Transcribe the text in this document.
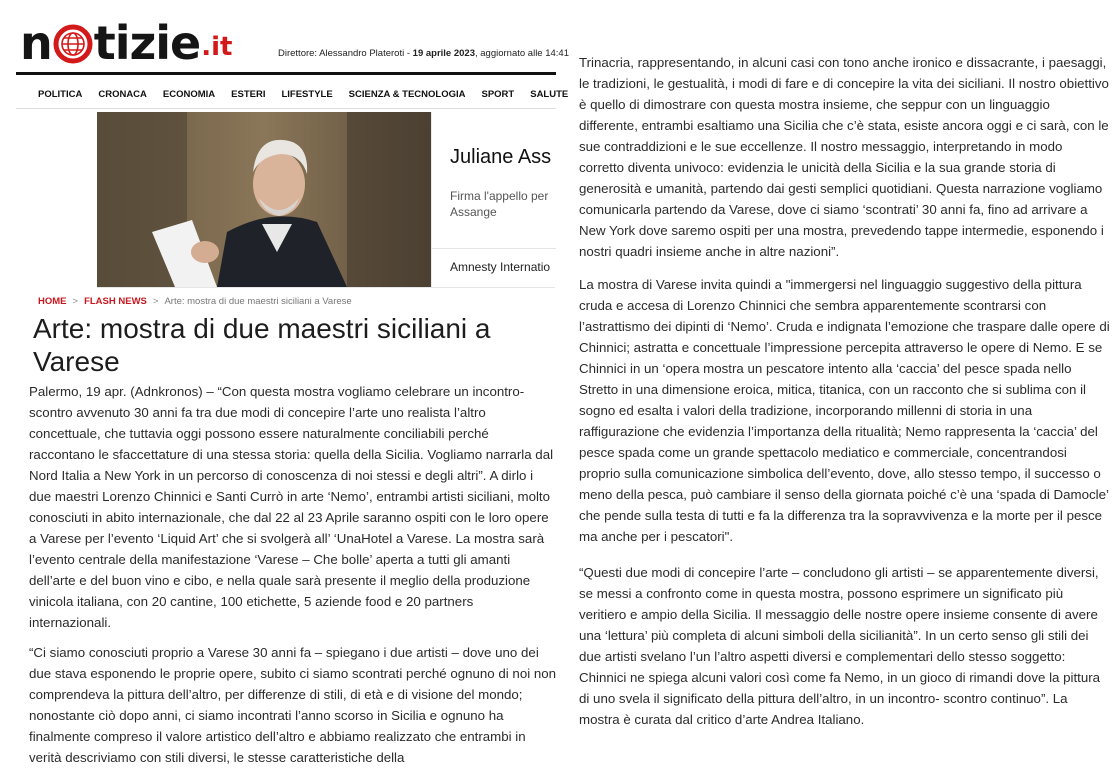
n tizie .it	Direttore: Alessandro Plateroti - 19 aprile 2023, aggiornato alle 14:41
POLITICA CRONACA ECONOMIA ESTERI LIFESTYLE SCIENZA & TECNOLOGIA SPORT SALUTE
Juliane Ass
Firma l'appello per
Assange
Amnesty Internatio
HOME > FLASH NEWS > Arte: mostra di due maestri siciliani a Varese
Arte: mostra di due maestri siciliani a Varese

Palermo, 19 apr. (Adnkronos) – “Con questa mostra vogliamo celebrare un incontro-scontro avvenuto 30 anni fa tra due modi di concepire l’arte uno realista l’altro concettuale, che tuttavia oggi possono essere naturalmente conciliabili perché raccontano le sfaccettature di una stessa storia: quella della Sicilia. Vogliamo narrarla dal Nord Italia a New York in un percorso di conoscenza di noi stessi e degli altri”. A dirlo i due maestri Lorenzo Chinnici e Santi Currò in arte ‘Nemo’, entrambi artisti siciliani, molto conosciuti in abito internazionale, che dal 22 al 23 Aprile saranno ospiti con le loro opere a Varese per l’evento ‘Liquid Art’ che si svolgerà all’ ‘UnaHotel a Varese. La mostra sarà l’evento centrale della manifestazione ‘Varese – Che bolle’ aperta a tutti gli amanti dell’arte e del buon vino e cibo, e nella quale sarà presente il meglio della produzione vinicola italiana, con 20 cantine, 100 etichette, 5 aziende food e 20 partners internazionali.

“Ci siamo conosciuti proprio a Varese 30 anni fa – spiegano i due artisti – dove uno dei due stava esponendo le proprie opere, subito ci siamo scontrati perché ognuno di noi non comprendeva la pittura dell’altro, per differenze di stili, di età e di visione del mondo; nonostante ciò dopo anni, ci siamo incontrati l’anno scorso in Sicilia e ognuno ha finalmente compreso il valore artistico dell’altro e abbiamo realizzato che entrambi in verità descriviamo con stili diversi, le stesse caratteristiche della

Trinacria, rappresentando, in alcuni casi con tono anche ironico e dissacrante, i paesaggi, le tradizioni, le gestualità, i modi di fare e di concepire la vita dei siciliani. Il nostro obiettivo è quello di dimostrare con questa mostra insieme, che seppur con un linguaggio differente, entrambi esaltiamo una Sicilia che c’è stata, esiste ancora oggi e ci sarà, con le sue contraddizioni e le sue eccellenze. Il nostro messaggio, interpretando in modo corretto diventa univoco: evidenzia le unicità della Sicilia e la sua grande storia di generosità e umanità, partendo dai gesti semplici quotidiani. Questa narrazione vogliamo comunicarla partendo da Varese, dove ci siamo ‘scontrati’ 30 anni fa, fino ad arrivare a New York dove saremo ospiti per una mostra, prevedendo tappe intermedie, esponendo i nostri quadri insieme anche in altre nazioni”.

La mostra di Varese invita quindi a "immergersi nel linguaggio suggestivo della pittura cruda e accesa di Lorenzo Chinnici che sembra apparentemente scontrarsi con l’astrattismo dei dipinti di ‘Nemo’. Cruda e indignata l’emozione che traspare dalle opere di Chinnici; astratta e concettuale l’impressione percepita attraverso le opere di Nemo. E se Chinnici in un ‘opera mostra un pescatore intento alla ‘caccia’ del pesce spada nello Stretto in una dimensione eroica, mitica, titanica, con un racconto che si sublima con il sogno ed esalta i valori della tradizione, incorporando millenni di storia in una raffigurazione che evidenzia l’importanza della ritualità; Nemo rappresenta la ‘caccia’ del pesce spada come un grande spettacolo mediatico e commerciale, concentrandosi proprio sulla comunicazione simbolica dell’evento, dove, allo stesso tempo, il successo o meno della pesca, può cambiare il senso della giornata poiché c’è una ‘spada di Damocle’ che pende sulla testa di tutti e fa la differenza tra la sopravvivenza e la morte per il pesce ma anche per i pescatori".

“Questi due modi di concepire l’arte – concludono gli artisti – se apparentemente diversi, se messi a confronto come in questa mostra, possono esprimere un significato più veritiero e ampio della Sicilia. Il messaggio delle nostre opere insieme consente di avere una ‘lettura’ più completa di alcuni simboli della sicilianità”. In un certo senso gli stili dei due artisti svelano l’un l’altro aspetti diversi e complementari dello stesso soggetto: Chinnici ne spiega alcuni valori così come fa Nemo, in un gioco di rimandi dove la pittura di uno svela il significato della pittura dell’altro, in un incontro- scontro continuo”. La mostra è curata dal critico d’arte Andrea Italiano.
